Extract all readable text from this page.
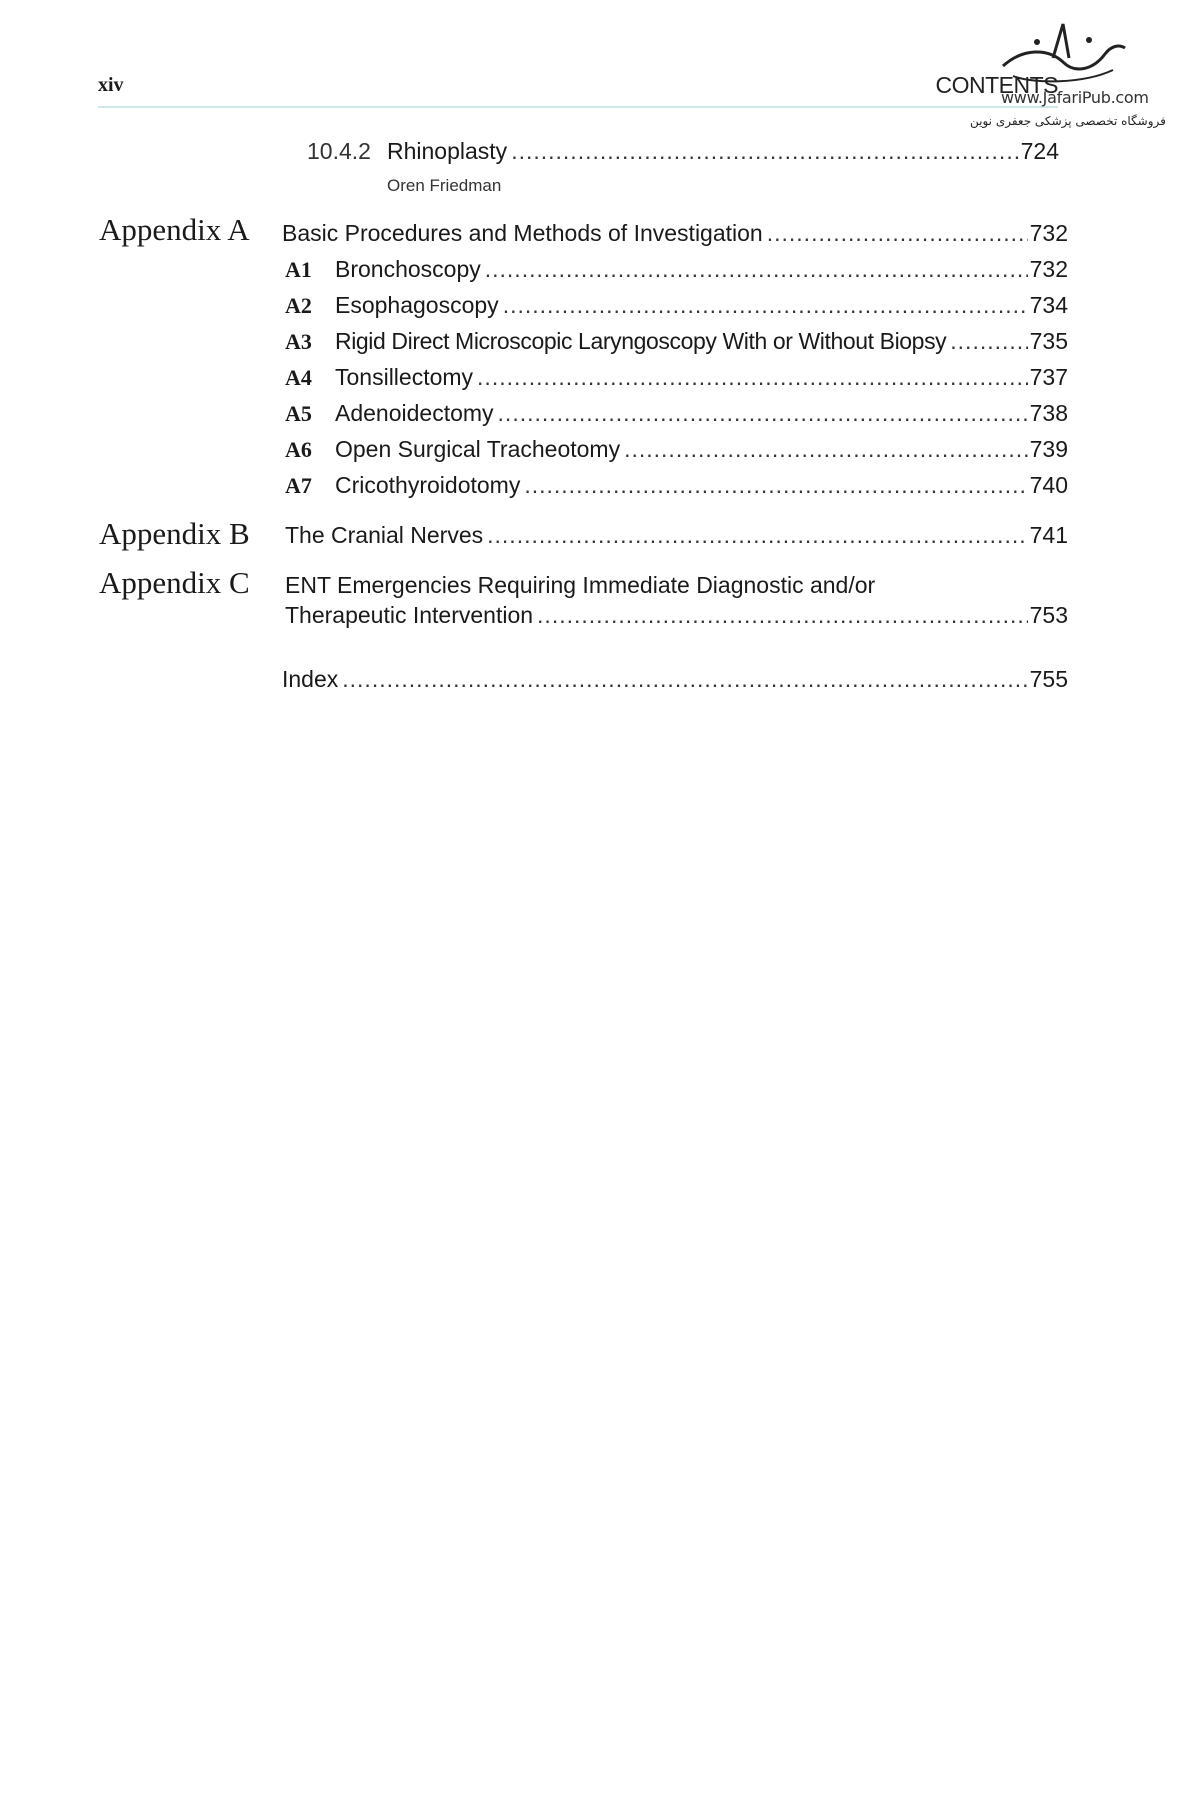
xiv	CONTENTS
www.JafariPub.com
فروشگاه تخصصی پزشکی جعفری نوین
10.4.2 Rhinoplasty .....	724
Oren Friedman
Appendix A Basic Procedures and Methods of Investigation .....	732
A1 Bronchoscopy .....	732
A2 Esophagoscopy .....	734
A3 Rigid Direct Microscopic Laryngoscopy With or Without Biopsy .....	735
A4 Tonsillectomy .....	737
A5 Adenoidectomy .....	738
A6 Open Surgical Tracheotomy .....	739
A7 Cricothyroidotomy .....	740
Appendix B The Cranial Nerves .....	741
Appendix C ENT Emergencies Requiring Immediate Diagnostic and/or
Therapeutic Intervention .....	753
Index .....	755
